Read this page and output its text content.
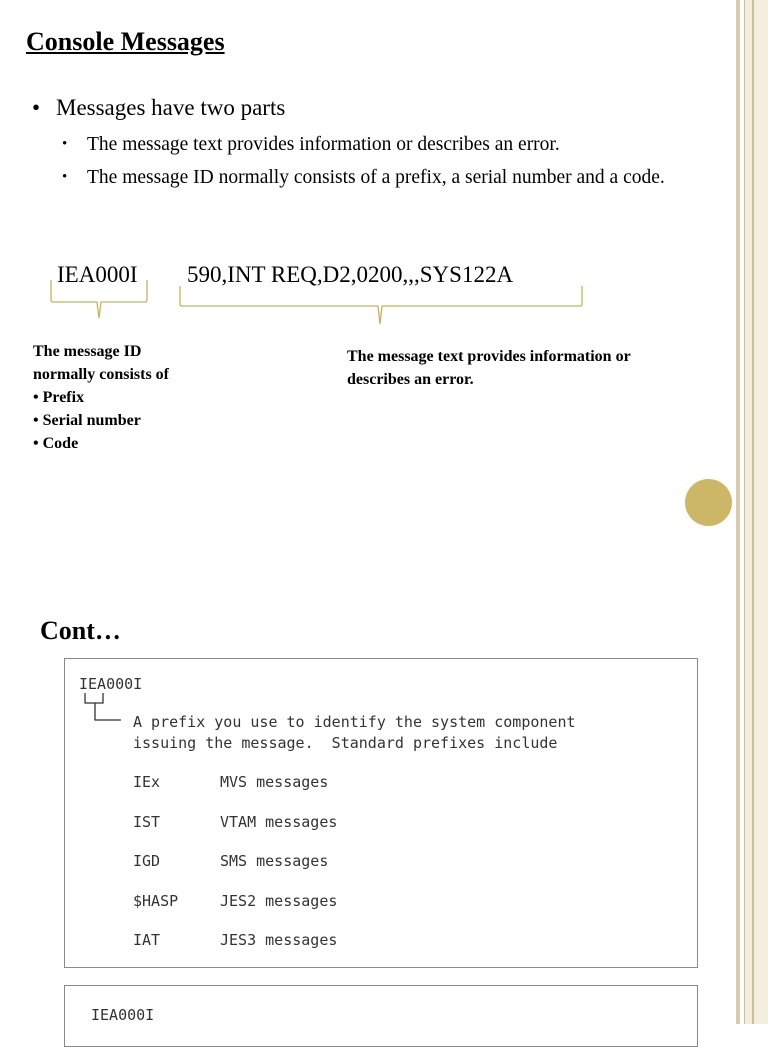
Console Messages
• Messages have two parts
• The message text provides information or describes an error.
• The message ID normally consists of a prefix, a serial number and a code.
IEA000I 590,INT REQ,D2,0200,,,SYS122A
The message ID
normally consists of
• Prefix
• Serial number
• Code
The message text provides information or describes an error.
Cont…
IEA000I
A prefix you use to identify the system component
issuing the message.  Standard prefixes include
IEx	MVS messages
IST	VTAM messages
IGD	SMS messages
$HASP	JES2 messages
IAT	JES3 messages
IEA000I
